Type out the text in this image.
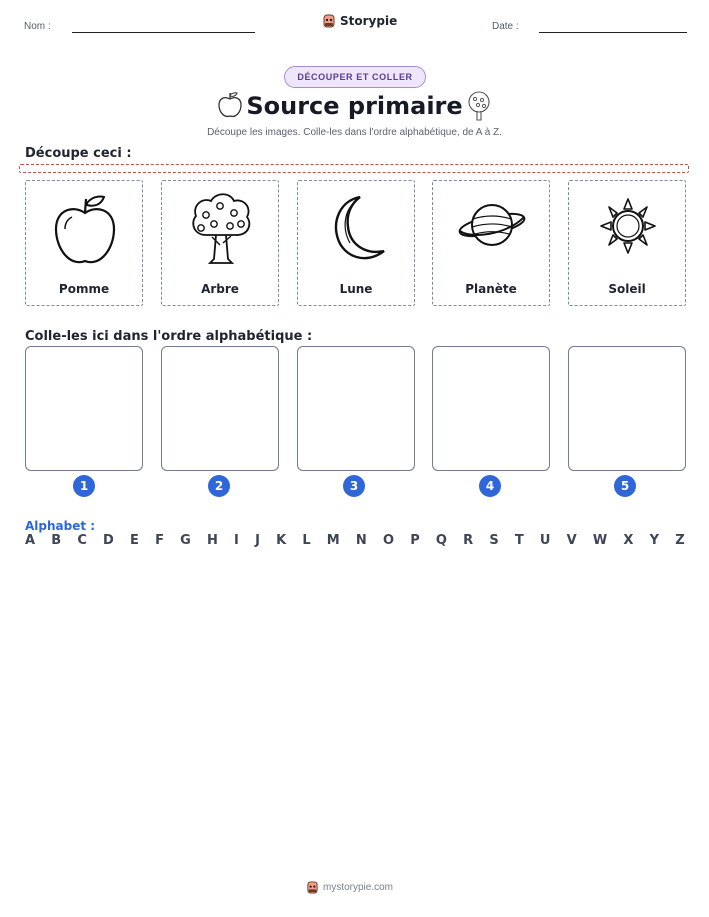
Nom :	Storypie	Date :
DÉCOUPER ET COLLER
Source primaire
Découpe les images. Colle-les dans l'ordre alphabétique, de A à Z.
Découpe ceci :
Pomme	Arbre	Lune	Planète	Soleil
Colle-les ici dans l'ordre alphabétique :
1	2	3	4	5
Alphabet :
A B C D E F G H I J K L M N O P Q R S T U V W X Y Z
mystorypie.com
